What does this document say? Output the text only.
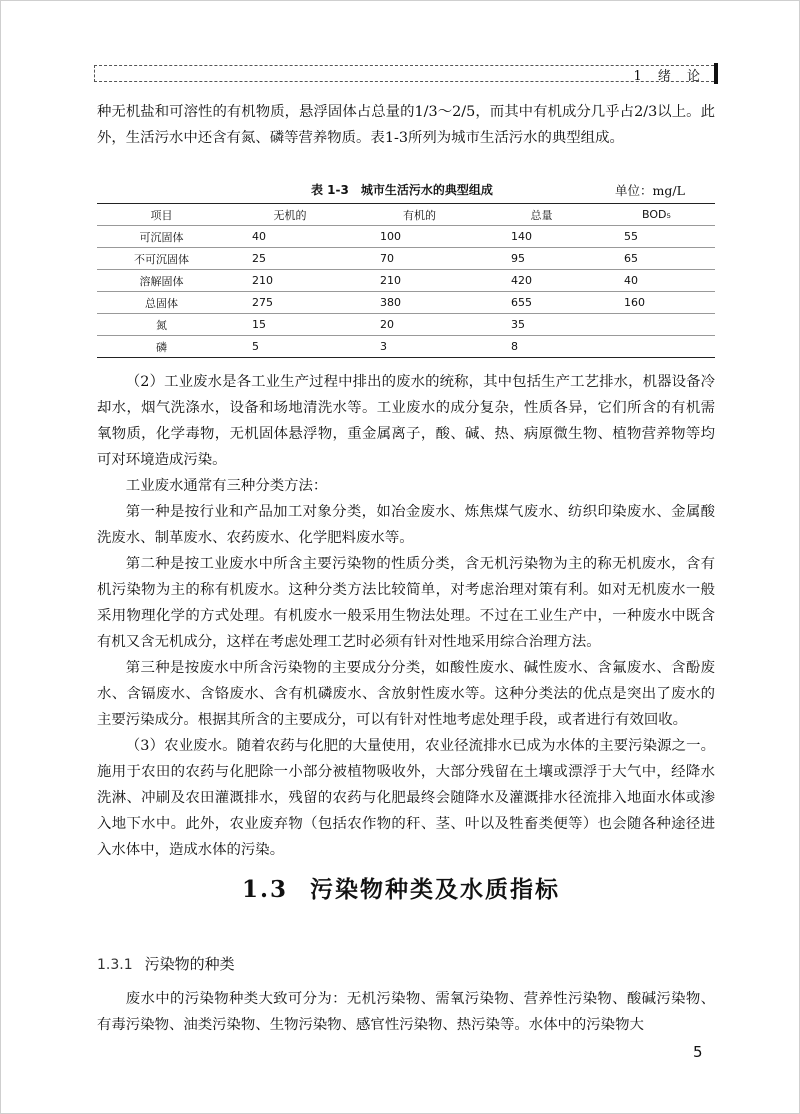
1 绪 论

种无机盐和可溶性的有机物质，悬浮固体占总量的1/3～2/5，而其中有机成分几乎占2/3以上。此外，生活污水中还含有氮、磷等营养物质。表1-3所列为城市生活污水的典型组成。

表 1-3　城市生活污水的典型组成	单位：mg/L
项目	无机的	有机的	总量	BOD₅
可沉固体	40	100	140	55
不可沉固体	25	70	95	65
溶解固体	210	210	420	40
总固体	275	380	655	160
氮	15	20	35	
磷	5	3	8	

（2）工业废水是各工业生产过程中排出的废水的统称，其中包括生产工艺排水，机器设备冷却水，烟气洗涤水，设备和场地清洗水等。工业废水的成分复杂，性质各异，它们所含的有机需氧物质，化学毒物，无机固体悬浮物，重金属离子，酸、碱、热、病原微生物、植物营养物等均可对环境造成污染。

工业废水通常有三种分类方法：

第一种是按行业和产品加工对象分类，如冶金废水、炼焦煤气废水、纺织印染废水、金属酸洗废水、制革废水、农药废水、化学肥料废水等。

第二种是按工业废水中所含主要污染物的性质分类，含无机污染物为主的称无机废水，含有机污染物为主的称有机废水。这种分类方法比较简单，对考虑治理对策有利。如对无机废水一般采用物理化学的方式处理。有机废水一般采用生物法处理。不过在工业生产中，一种废水中既含有机又含无机成分，这样在考虑处理工艺时必须有针对性地采用综合治理方法。

第三种是按废水中所含污染物的主要成分分类，如酸性废水、碱性废水、含氟废水、含酚废水、含镉废水、含铬废水、含有机磷废水、含放射性废水等。这种分类法的优点是突出了废水的主要污染成分。根据其所含的主要成分，可以有针对性地考虑处理手段，或者进行有效回收。

（3）农业废水。随着农药与化肥的大量使用，农业径流排水已成为水体的主要污染源之一。施用于农田的农药与化肥除一小部分被植物吸收外，大部分残留在土壤或漂浮于大气中，经降水洗淋、冲刷及农田灌溉排水，残留的农药与化肥最终会随降水及灌溉排水径流排入地面水体或渗入地下水中。此外，农业废弃物（包括农作物的秆、茎、叶以及牲畜类便等）也会随各种途径进入水体中，造成水体的污染。

1.3 污染物种类及水质指标
1.3.1 污染物的种类

废水中的污染物种类大致可分为：无机污染物、需氧污染物、营养性污染物、酸碱污染物、有毒污染物、油类污染物、生物污染物、感官性污染物、热污染等。水体中的污染物大

5
